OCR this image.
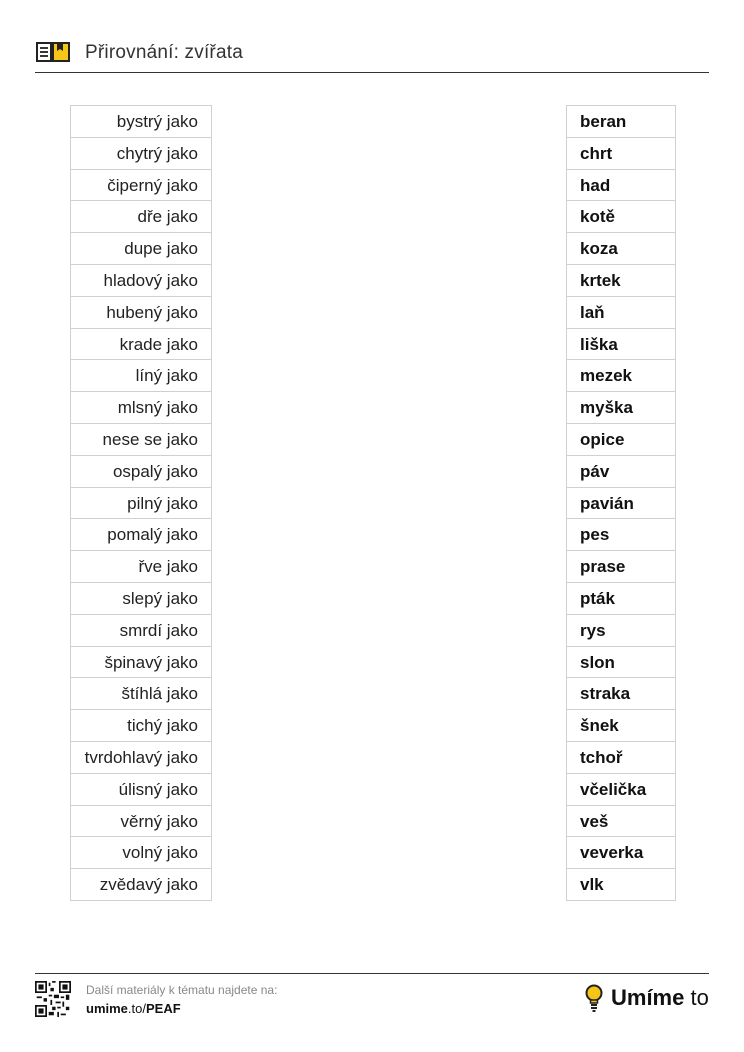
Přirovnání: zvířata
bystrý jako
chytrý jako
čiperný jako
dře jako
dupe jako
hladový jako
hubený jako
krade jako
líný jako
mlsný jako
nese se jako
ospalý jako
pilný jako
pomalý jako
řve jako
slepý jako
smrdí jako
špinavý jako
štíhlá jako
tichý jako
tvrdohlavý jako
úlisný jako
věrný jako
volný jako
zvědavý jako
beran
chrt
had
kotě
koza
krtek
laň
liška
mezek
myška
opice
páv
pavián
pes
prase
pták
rys
slon
straka
šnek
tchoř
včelička
veš
veverka
vlk
Další materiály k tématu najdete na:
umime.to/PEAF	Umíme to
